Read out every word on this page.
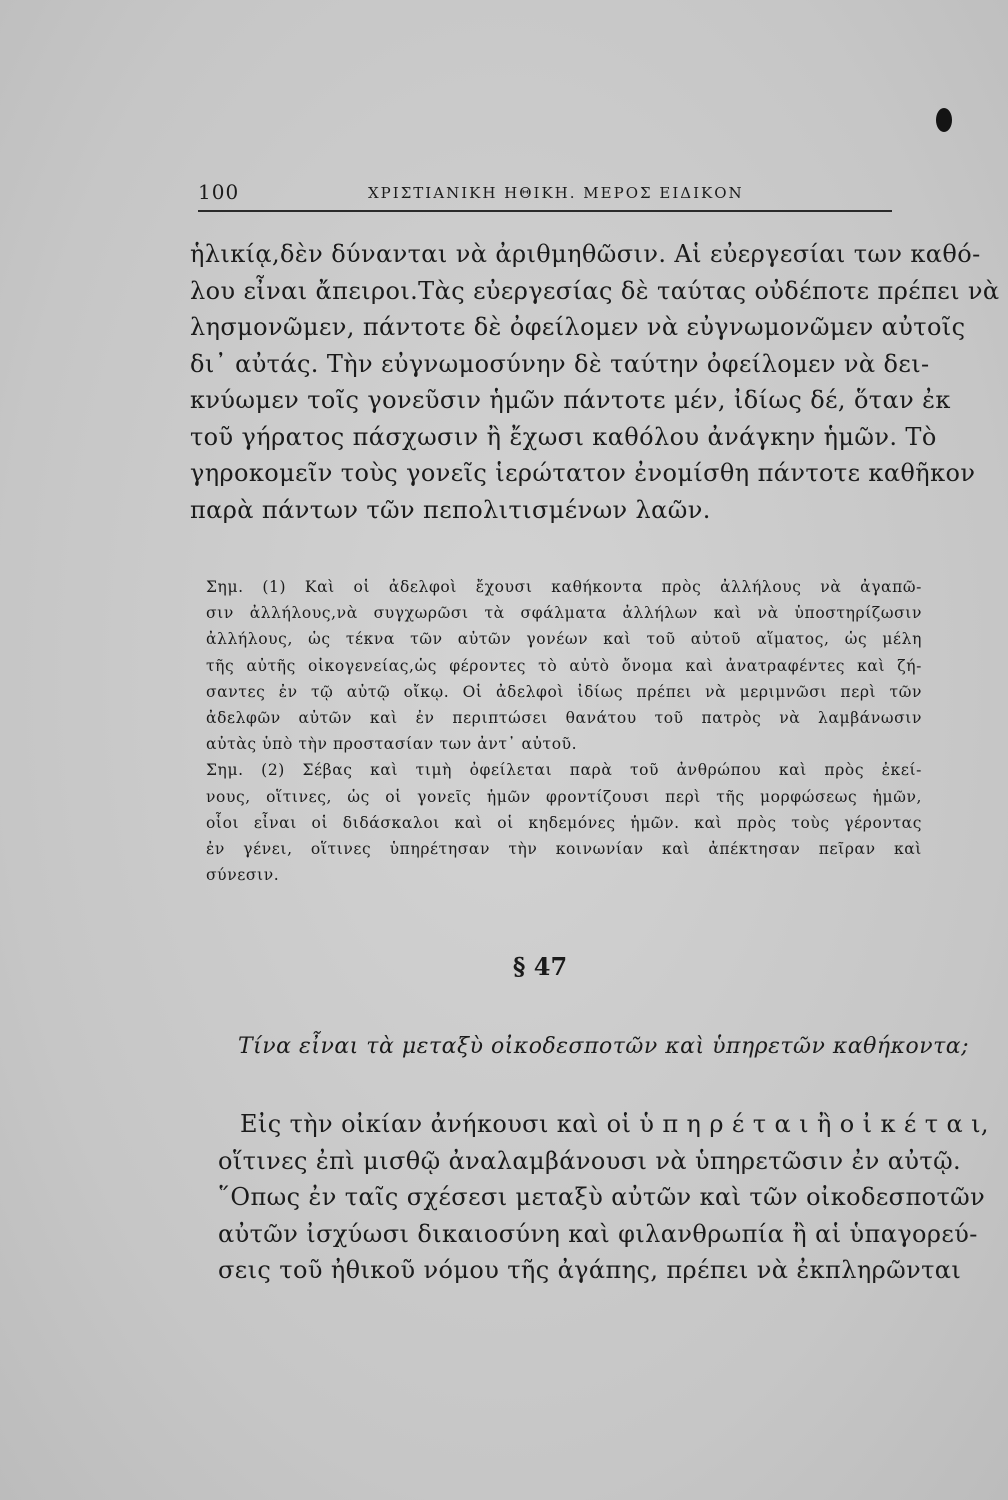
100	ΧΡΙΣΤΙΑΝΙΚΗ ΗΘΙΚΗ. ΜΕΡΟΣ ΕΙΔΙΚΟΝ
ἡλικίᾳ,δὲν δύνανται νὰ ἀριθμηθῶσιν. Αἱ εὐεργεσίαι των καθό-
λου εἶναι ἄπειροι.Τὰς εὐεργεσίας δὲ ταύτας οὐδέποτε πρέπει νὰ
λησμονῶμεν, πάντοτε δὲ ὀφείλομεν νὰ εὐγνωμονῶμεν αὐτοῖς
δι᾽ αὐτάς. Τὴν εὐγνωμοσύνην δὲ ταύτην ὀφείλομεν νὰ δει-
κνύωμεν τοῖς γονεῦσιν ἡμῶν πάντοτε μέν, ἰδίως δέ, ὅταν ἐκ
τοῦ γήρατος πάσχωσιν ἢ ἔχωσι καθόλου ἀνάγκην ἡμῶν. Τὸ
γηροκομεῖν τοὺς γονεῖς ἱερώτατον ἐνομίσθη πάντοτε καθῆκον
παρὰ πάντων τῶν πεπολιτισμένων λαῶν.
Σημ. (1) Καὶ οἱ ἀδελφοὶ ἔχουσι καθήκοντα πρὸς ἀλλήλους νὰ ἀγαπῶ-
σιν ἀλλήλους,νὰ συγχωρῶσι τὰ σφάλματα ἀλλήλων καὶ νὰ ὑποστηρίζωσιν
ἀλλήλους, ὡς τέκνα τῶν αὐτῶν γονέων καὶ τοῦ αὐτοῦ αἵματος, ὡς μέλη
τῆς αὐτῆς οἰκογενείας,ὡς φέροντες τὸ αὐτὸ ὄνομα καὶ ἀνατραφέντες καὶ ζή-
σαντες ἐν τῷ αὐτῷ οἴκῳ. Οἱ ἀδελφοὶ ἰδίως πρέπει νὰ μεριμνῶσι περὶ τῶν
ἀδελφῶν αὐτῶν καὶ ἐν περιπτώσει θανάτου τοῦ πατρὸς νὰ λαμβάνωσιν
αὐτὰς ὑπὸ τὴν προστασίαν των ἀντ᾽ αὐτοῦ.
Σημ. (2) Σέβας καὶ τιμὴ ὀφείλεται παρὰ τοῦ ἀνθρώπου καὶ πρὸς ἐκεί-
νους, οἵτινες, ὡς οἱ γονεῖς ἡμῶν φροντίζουσι περὶ τῆς μορφώσεως ἡμῶν,
οἷοι εἶναι οἱ διδάσκαλοι καὶ οἱ κηδεμόνες ἡμῶν. καὶ πρὸς τοὺς γέροντας
ἐν γένει, οἵτινες ὑπηρέτησαν τὴν κοινωνίαν καὶ ἀπέκτησαν πεῖραν καὶ
σύνεσιν.
§ 47
Τίνα εἶναι τὰ μεταξὺ οἰκοδεσποτῶν καὶ ὑπηρετῶν καθήκοντα;
Εἰς τὴν οἰκίαν ἀνήκουσι καὶ οἱ ὑ π η ρ έ τ α ι ἢ ο ἰ κ έ τ α ι,
οἵτινες ἐπὶ μισθῷ ἀναλαμβάνουσι νὰ ὑπηρετῶσιν ἐν αὐτῷ.
῞Οπως ἐν ταῖς σχέσεσι μεταξὺ αὐτῶν καὶ τῶν οἰκοδεσποτῶν
αὐτῶν ἰσχύωσι δικαιοσύνη καὶ φιλανθρωπία ἢ αἱ ὑπαγορεύ-
σεις τοῦ ἠθικοῦ νόμου τῆς ἀγάπης, πρέπει νὰ ἐκπληρῶνται
